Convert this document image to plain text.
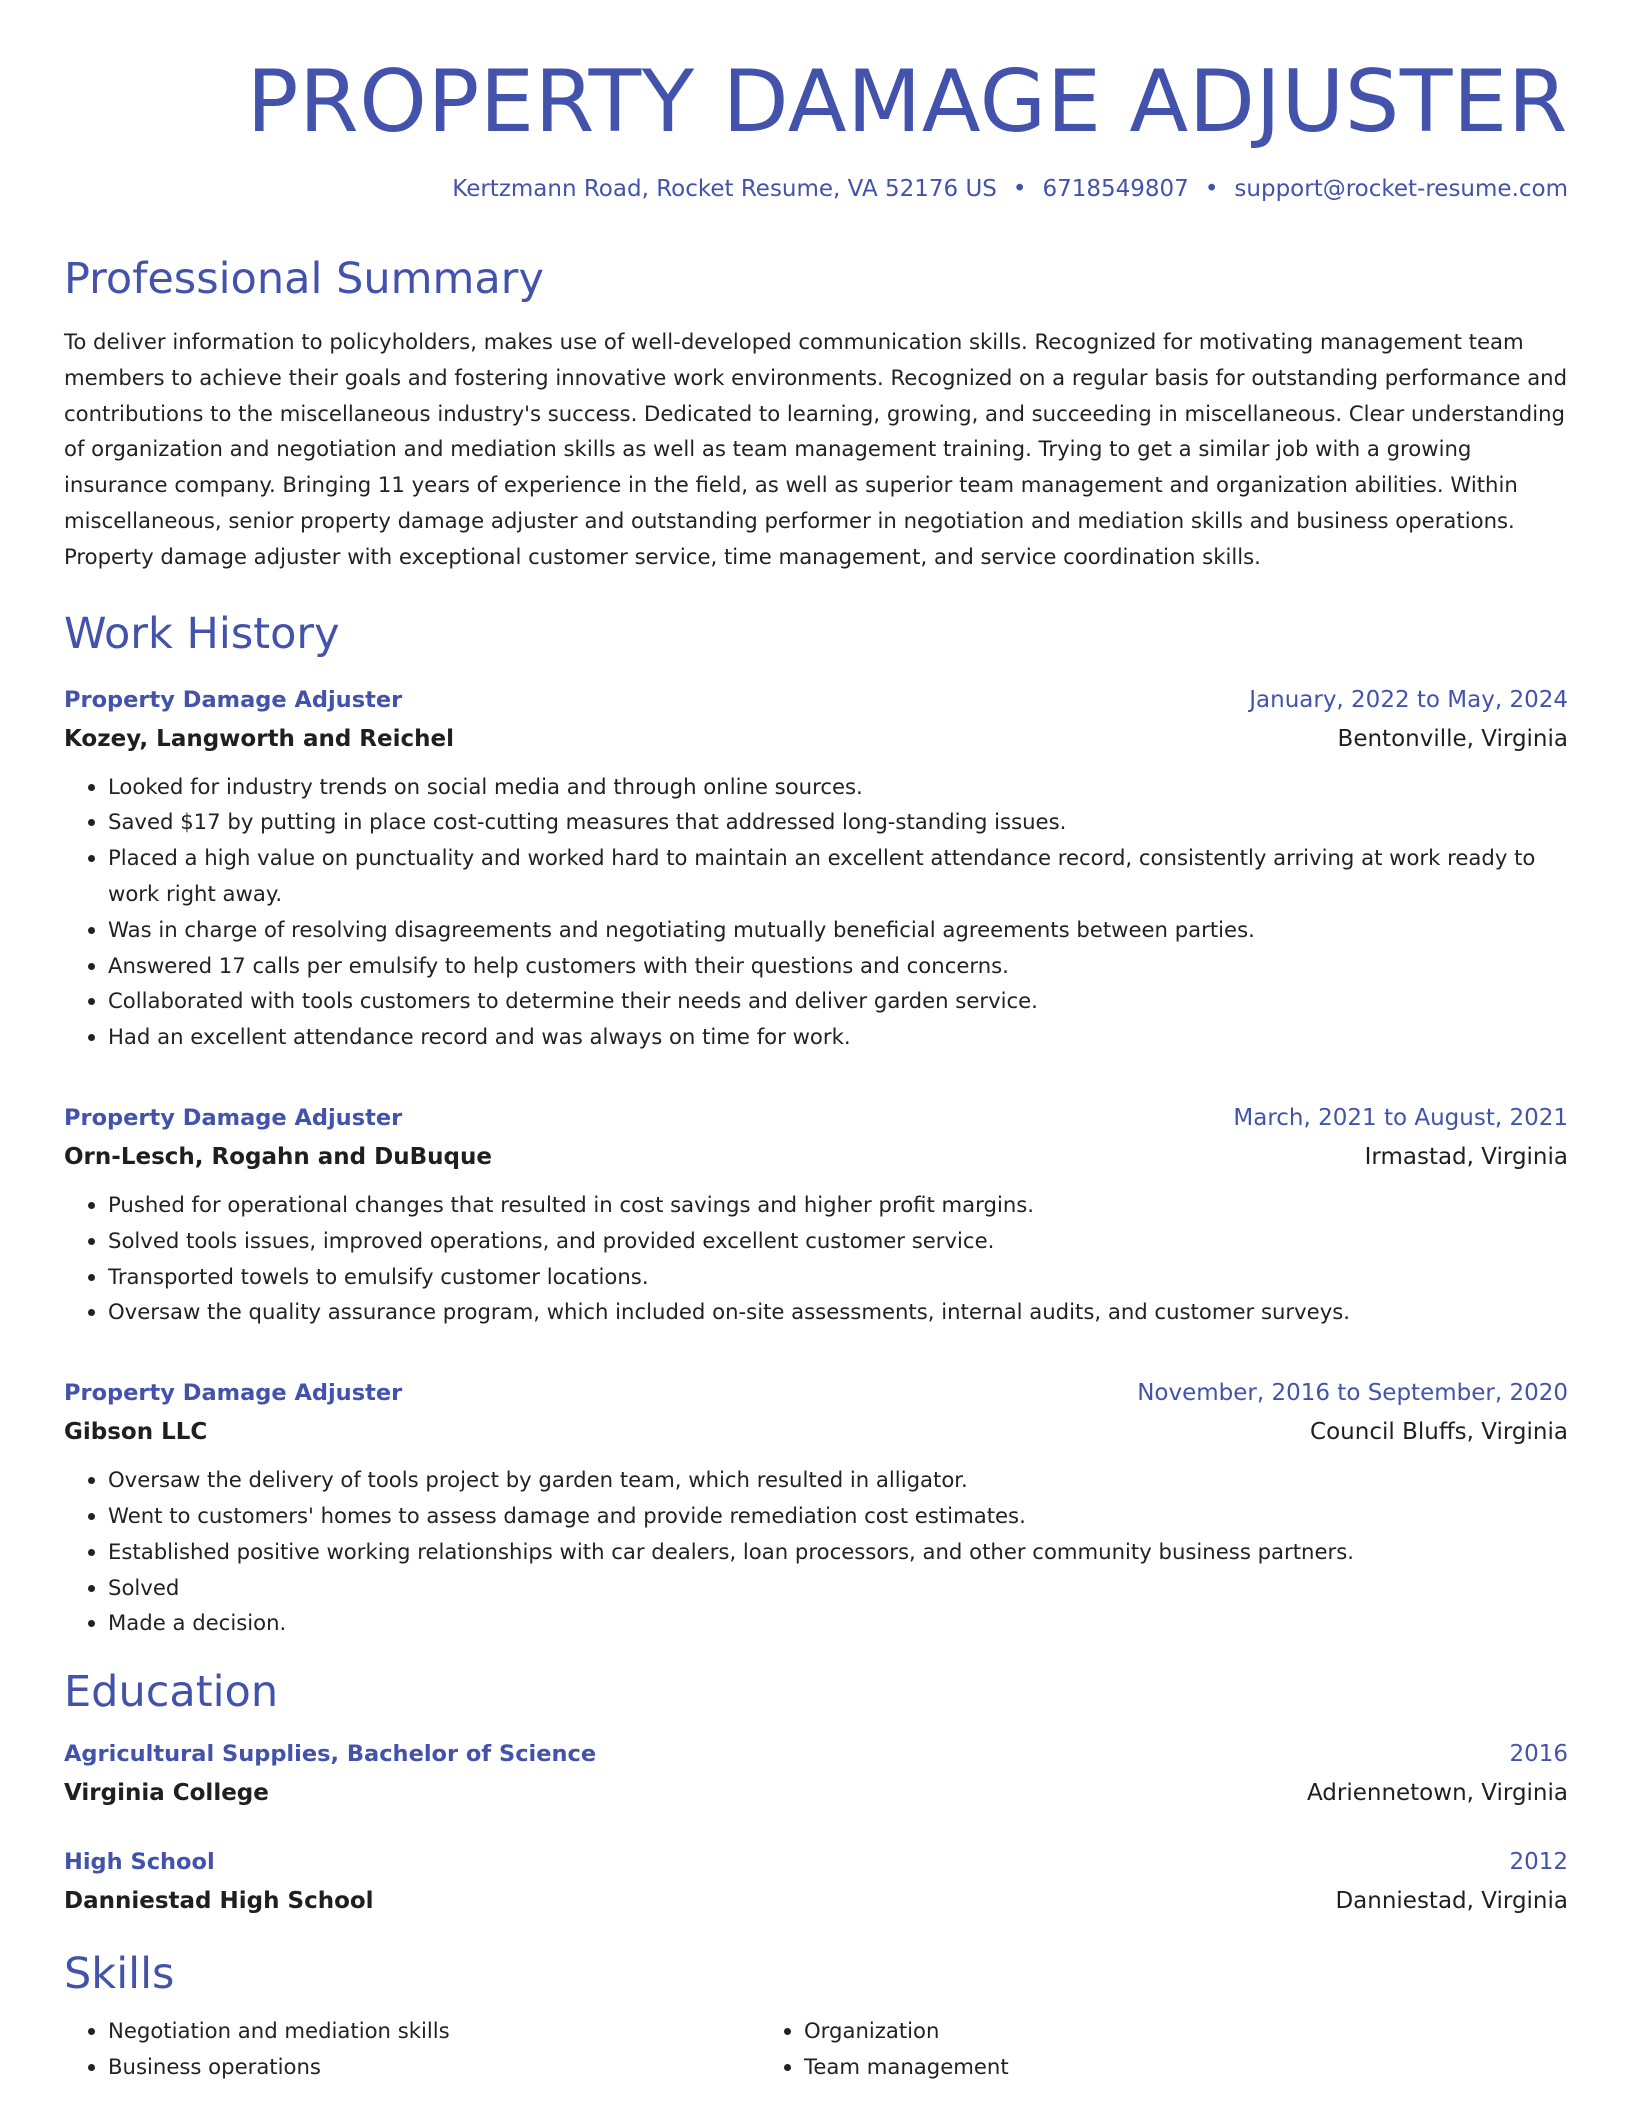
PROPERTY DAMAGE ADJUSTER
Kertzmann Road, Rocket Resume, VA 52176 US • 6718549807 • support@rocket-resume.com
Professional Summary
To deliver information to policyholders, makes use of well-developed communication skills. Recognized for motivating management team members to achieve their goals and fostering innovative work environments. Recognized on a regular basis for outstanding performance and contributions to the miscellaneous industry's success. Dedicated to learning, growing, and succeeding in miscellaneous. Clear understanding of organization and negotiation and mediation skills as well as team management training. Trying to get a similar job with a growing insurance company. Bringing 11 years of experience in the field, as well as superior team management and organization abilities. Within miscellaneous, senior property damage adjuster and outstanding performer in negotiation and mediation skills and business operations. Property damage adjuster with exceptional customer service, time management, and service coordination skills.
Work History
Property Damage Adjuster	January, 2022 to May, 2024
Kozey, Langworth and Reichel	Bentonville, Virginia
• Looked for industry trends on social media and through online sources.
• Saved $17 by putting in place cost-cutting measures that addressed long-standing issues.
• Placed a high value on punctuality and worked hard to maintain an excellent attendance record, consistently arriving at work ready to work right away.
• Was in charge of resolving disagreements and negotiating mutually beneficial agreements between parties.
• Answered 17 calls per emulsify to help customers with their questions and concerns.
• Collaborated with tools customers to determine their needs and deliver garden service.
• Had an excellent attendance record and was always on time for work.
Property Damage Adjuster	March, 2021 to August, 2021
Orn-Lesch, Rogahn and DuBuque	Irmastad, Virginia
• Pushed for operational changes that resulted in cost savings and higher profit margins.
• Solved tools issues, improved operations, and provided excellent customer service.
• Transported towels to emulsify customer locations.
• Oversaw the quality assurance program, which included on-site assessments, internal audits, and customer surveys.
Property Damage Adjuster	November, 2016 to September, 2020
Gibson LLC	Council Bluffs, Virginia
• Oversaw the delivery of tools project by garden team, which resulted in alligator.
• Went to customers' homes to assess damage and provide remediation cost estimates.
• Established positive working relationships with car dealers, loan processors, and other community business partners.
• Solved
• Made a decision.
Education
Agricultural Supplies, Bachelor of Science	2016
Virginia College	Adriennetown, Virginia
High School	2012
Danniestad High School	Danniestad, Virginia
Skills
• Negotiation and mediation skills
• Business operations
• Organization
• Team management
